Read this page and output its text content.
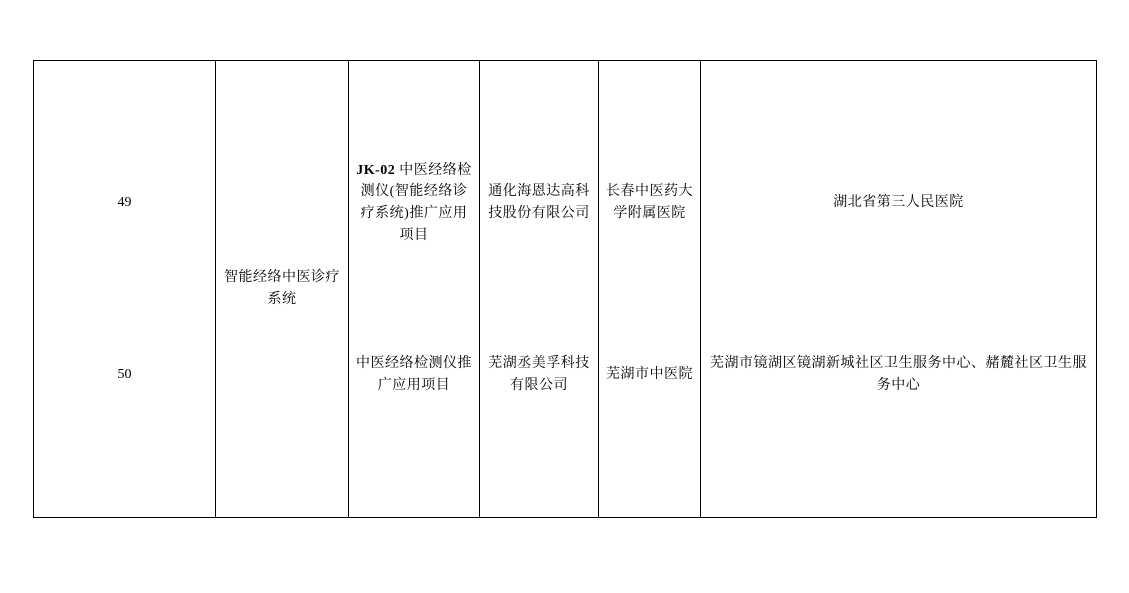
49	智能经络中医诊疗系统	JK-02 中医经络检测仪(智能经络诊疗系统)推广应用项目	通化海恩达高科技股份有限公司	长春中医药大学附属医院	湖北省第三人民医院
50		中医经络检测仪推广应用项目	芜湖丞美孚科技有限公司	芜湖市中医院	芜湖市镜湖区镜湖新城社区卫生服务中心、赭麓社区卫生服务中心
